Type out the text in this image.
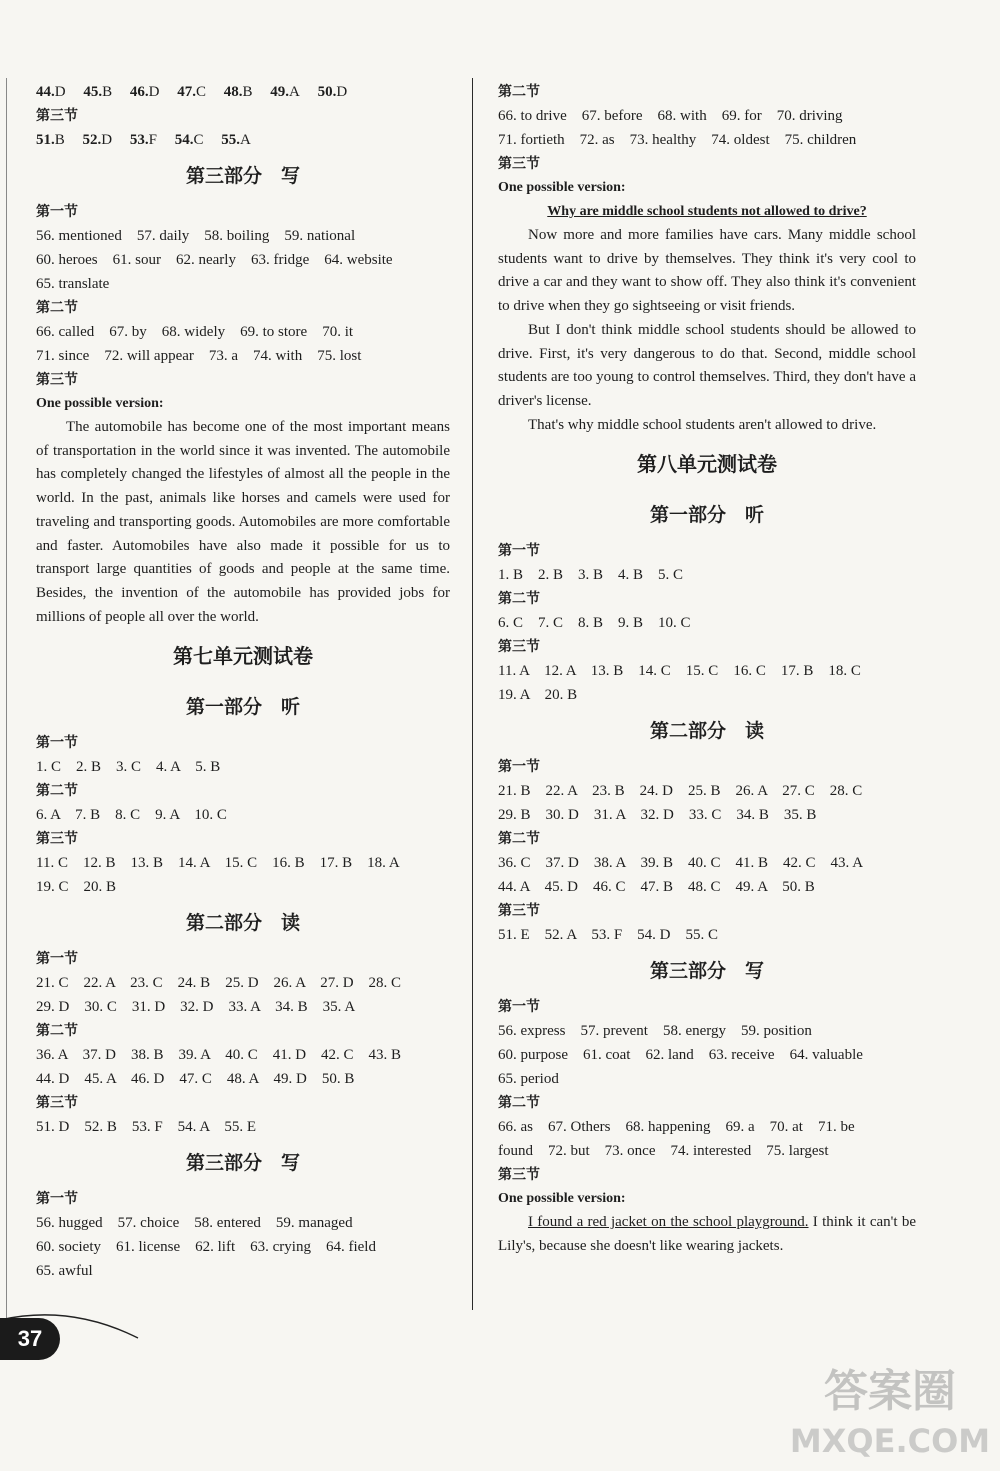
44.D 45.B 46.D 47.C 48.B 49.A 50.D
第三节
51.B 52.D 53.F 54.C 55.A
第三部分　写
第一节
56. mentioned　57. daily　58. boiling　59. national
60. heroes　61. sour　62. nearly　63. fridge　64. website
65. translate
第二节
66. called　67. by　68. widely　69. to store　70. it
71. since　72. will appear　73. a　74. with　75. lost
第三节
One possible version:

The automobile has become one of the most important means of transportation in the world since it was invented. The automobile has completely changed the lifestyles of almost all the people in the world. In the past, animals like horses and camels were used for traveling and transporting goods. Automobiles are more comfortable and faster. Automobiles have also made it possible for us to transport large quantities of goods and people at the same time. Besides, the invention of the automobile has provided jobs for millions of people all over the world.

第七单元测试卷
第一部分　听
第一节
1. C　2. B　3. C　4. A　5. B
第二节
6. A　7. B　8. C　9. A　10. C
第三节
11. C　12. B　13. B　14. A　15. C　16. B　17. B　18. A
19. C　20. B
第二部分　读
第一节
21. C　22. A　23. C　24. B　25. D　26. A　27. D　28. C
29. D　30. C　31. D　32. D　33. A　34. B　35. A
第二节
36. A　37. D　38. B　39. A　40. C　41. D　42. C　43. B
44. D　45. A　46. D　47. C　48. A　49. D　50. B
第三节
51. D　52. B　53. F　54. A　55. E
第三部分　写
第一节
56. hugged　57. choice　58. entered　59. managed
60. society　61. license　62. lift　63. crying　64. field
65. awful
第二节
66. to drive　67. before　68. with　69. for　70. driving
71. fortieth　72. as　73. healthy　74. oldest　75. children
第三节
One possible version:
Why are middle school students not allowed to drive?

Now more and more families have cars. Many middle school students want to drive by themselves. They think it's very cool to drive a car and they want to show off. They also think it's convenient to drive when they go sightseeing or visit friends.

But I don't think middle school students should be allowed to drive. First, it's very dangerous to do that. Second, middle school students are too young to control themselves. Third, they don't have a driver's license.

That's why middle school students aren't allowed to drive.

第八单元测试卷
第一部分　听
第一节
1. B　2. B　3. B　4. B　5. C
第二节
6. C　7. C　8. B　9. B　10. C
第三节
11. A　12. A　13. B　14. C　15. C　16. C　17. B　18. C
19. A　20. B
第二部分　读
第一节
21. B　22. A　23. B　24. D　25. B　26. A　27. C　28. C
29. B　30. D　31. A　32. D　33. C　34. B　35. B
第二节
36. C　37. D　38. A　39. B　40. C　41. B　42. C　43. A
44. A　45. D　46. C　47. B　48. C　49. A　50. B
第三节
51. E　52. A　53. F　54. D　55. C
第三部分　写
第一节
56. express　57. prevent　58. energy　59. position
60. purpose　61. coat　62. land　63. receive　64. valuable
65. period
第二节
66. as　67. Others　68. happening　69. a　70. at　71. be
found　72. but　73. once　74. interested　75. largest
第三节
One possible version:

I found a red jacket on the school playground. I think it can't be Lily's, because she doesn't like wearing jackets.

37
答案圈
MXQE.COM
